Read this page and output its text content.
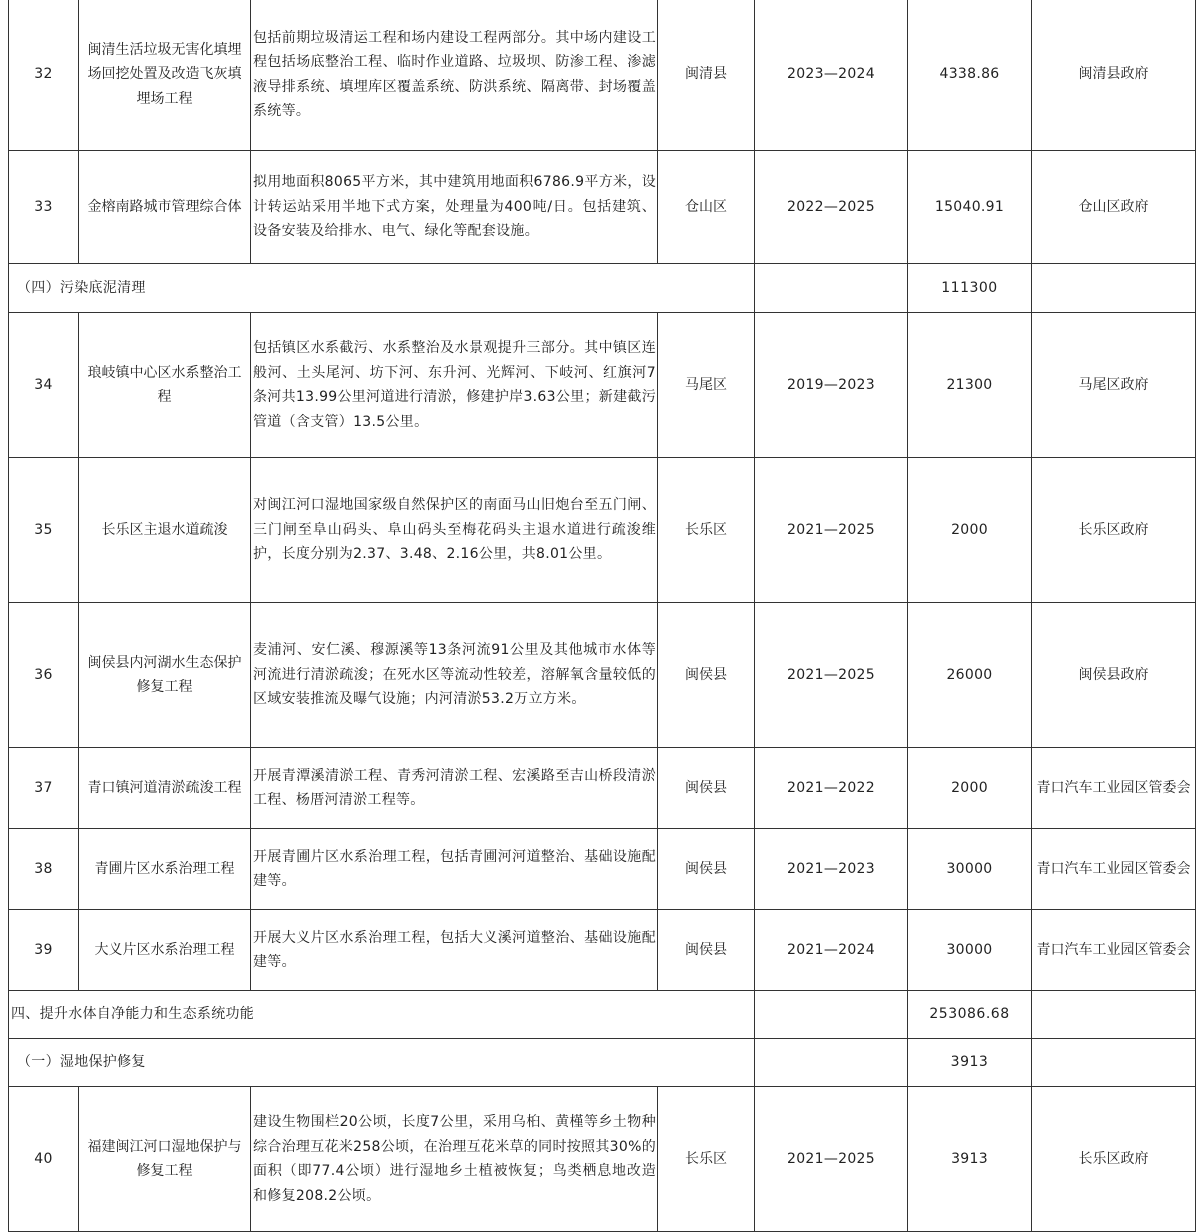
32	闽清生活垃圾无害化填埋场回挖处置及改造飞灰填埋场工程	包括前期垃圾清运工程和场内建设工程两部分。其中场内建设工程包括场底整治工程、临时作业道路、垃圾坝、防渗工程、渗滤液导排系统、填埋库区覆盖系统、防洪系统、隔离带、封场覆盖系统等。	闽清县	2023—2024	4338.86	闽清县政府
33	金榕南路城市管理综合体	拟用地面积8065平方米，其中建筑用地面积6786.9平方米，设计转运站采用半地下式方案，处理量为400吨/日。包括建筑、设备安装及给排水、电气、绿化等配套设施。	仓山区	2022—2025	15040.91	仓山区政府
（四）污染底泥清理					111300	
34	琅岐镇中心区水系整治工程	包括镇区水系截污、水系整治及水景观提升三部分。其中镇区连般河、土头尾河、坊下河、东升河、光辉河、下岐河、红旗河7条河共13.99公里河道进行清淤，修建护岸3.63公里；新建截污管道（含支管）13.5公里。	马尾区	2019—2023	21300	马尾区政府
35	长乐区主退水道疏浚	对闽江河口湿地国家级自然保护区的南面马山旧炮台至五门闸、三门闸至阜山码头、阜山码头至梅花码头主退水道进行疏浚维护，长度分别为2.37、3.48、2.16公里，共8.01公里。	长乐区	2021—2025	2000	长乐区政府
36	闽侯县内河湖水生态保护修复工程	麦浦河、安仁溪、穆源溪等13条河流91公里及其他城市水体等河流进行清淤疏浚；在死水区等流动性较差，溶解氧含量较低的区域安装推流及曝气设施；内河清淤53.2万立方米。	闽侯县	2021—2025	26000	闽侯县政府
37	青口镇河道清淤疏浚工程	开展青潭溪清淤工程、青秀河清淤工程、宏溪路至吉山桥段清淤工程、杨厝河清淤工程等。	闽侯县	2021—2022	2000	青口汽车工业园区管委会
38	青圃片区水系治理工程	开展青圃片区水系治理工程，包括青圃河河道整治、基础设施配建等。	闽侯县	2021—2023	30000	青口汽车工业园区管委会
39	大义片区水系治理工程	开展大义片区水系治理工程，包括大义溪河道整治、基础设施配建等。	闽侯县	2021—2024	30000	青口汽车工业园区管委会
四、提升水体自净能力和生态系统功能					253086.68	
（一）湿地保护修复					3913	
40	福建闽江河口湿地保护与修复工程	建设生物围栏20公顷，长度7公里，采用乌桕、黄槿等乡土物种综合治理互花米258公顷，在治理互花米草的同时按照其30%的面积（即77.4公顷）进行湿地乡土植被恢复；鸟类栖息地改造和修复208.2公顷。	长乐区	2021—2025	3913	长乐区政府
